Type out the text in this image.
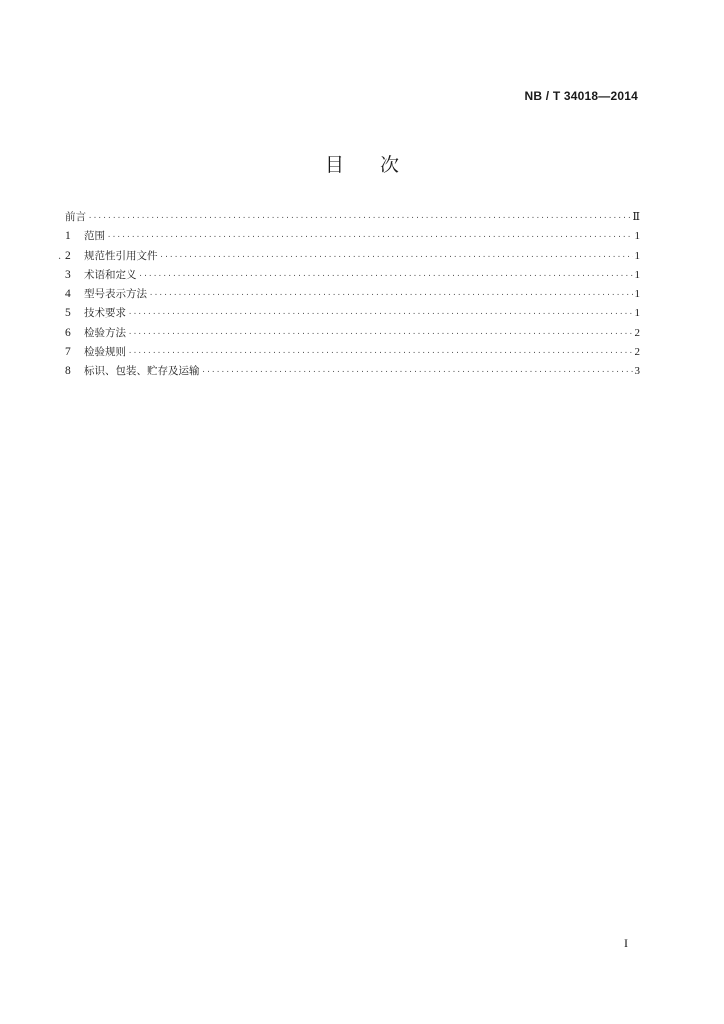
NB / T 34018—2014
目次
·
前言 ·····	Ⅱ
1	范围 ·····	1
2	规范性引用文件 ·····	1
3	术语和定义 ·····	1
4	型号表示方法 ·····	1
5	技术要求 ·····	1
6	检验方法 ·····	2
7	检验规则 ·····	2
8	标识、包装、贮存及运输 ·····	3
I
